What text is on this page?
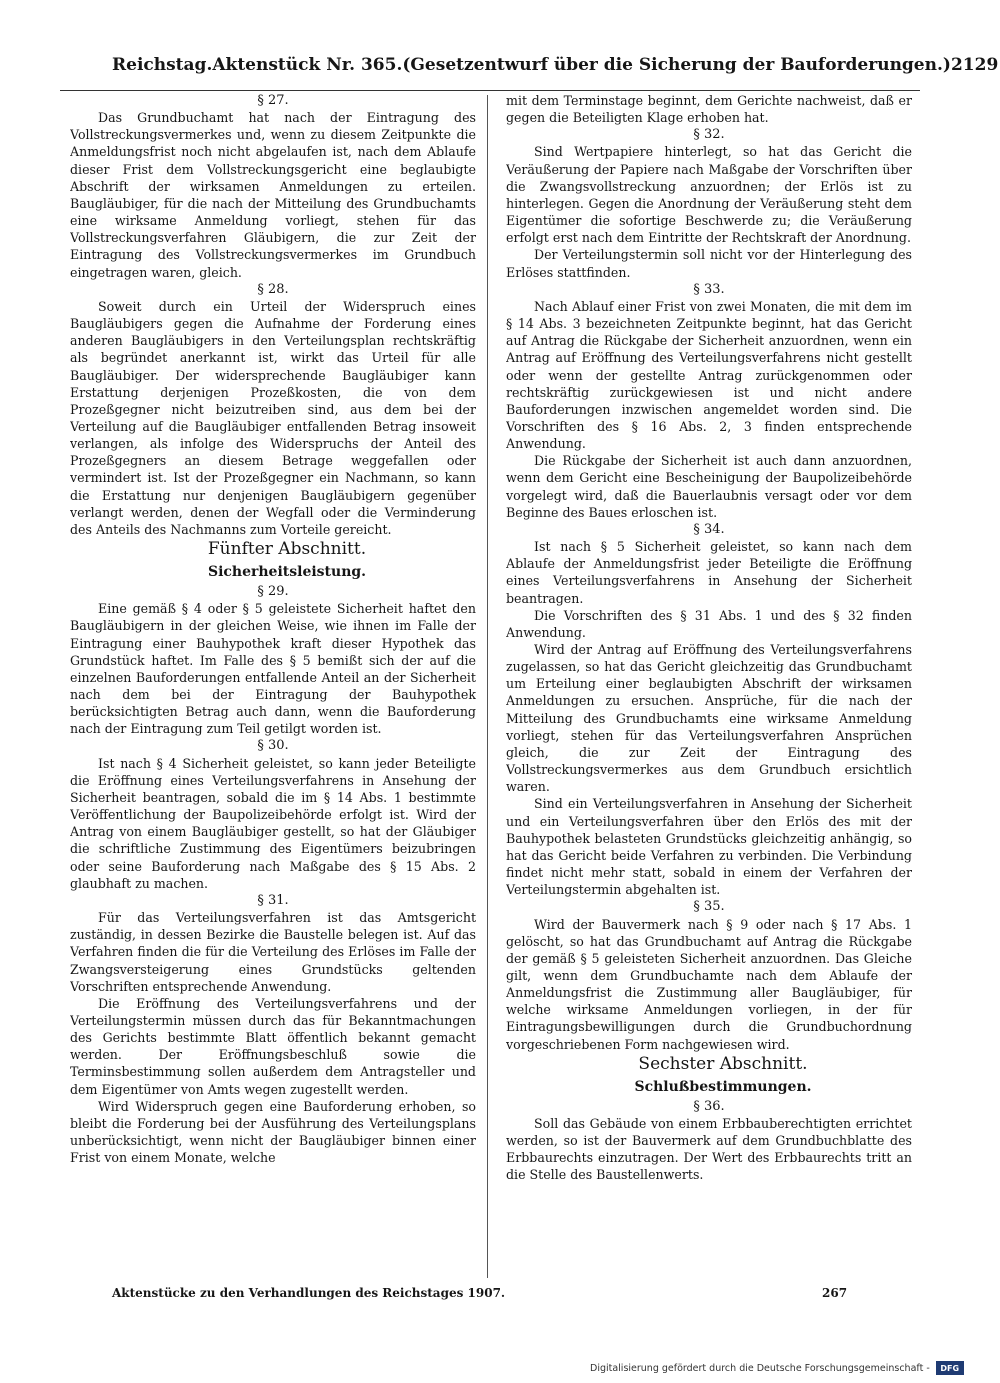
Reichstag. Aktenstück Nr. 365. (Gesetzentwurf über die Sicherung der Bauforderungen.) 2129

§ 27.

Das Grundbuchamt hat nach der Eintragung des Vollstreckungsvermerkes und, wenn zu diesem Zeitpunkte die Anmeldungsfrist noch nicht abgelaufen ist, nach dem Ablaufe dieser Frist dem Vollstreckungsgericht eine beglaubigte Abschrift der wirksamen Anmeldungen zu erteilen. Baugläubiger, für die nach der Mitteilung des Grundbuchamts eine wirksame Anmeldung vorliegt, stehen für das Vollstreckungsverfahren Gläubigern, die zur Zeit der Eintragung des Vollstreckungsvermerkes im Grundbuch eingetragen waren, gleich.

§ 28.

Soweit durch ein Urteil der Widerspruch eines Baugläubigers gegen die Aufnahme der Forderung eines anderen Baugläubigers in den Verteilungsplan rechtskräftig als begründet anerkannt ist, wirkt das Urteil für alle Baugläubiger. Der widersprechende Baugläubiger kann Erstattung derjenigen Prozeßkosten, die von dem Prozeßgegner nicht beizutreiben sind, aus dem bei der Verteilung auf die Baugläubiger entfallenden Betrag insoweit verlangen, als infolge des Widerspruchs der Anteil des Prozeßgegners an diesem Betrage weggefallen oder vermindert ist. Ist der Prozeßgegner ein Nachmann, so kann die Erstattung nur denjenigen Baugläubigern gegenüber verlangt werden, denen der Wegfall oder die Verminderung des Anteils des Nachmanns zum Vorteile gereicht.

Fünfter Abschnitt.

Sicherheitsleistung.

§ 29.

Eine gemäß § 4 oder § 5 geleistete Sicherheit haftet den Baugläubigern in der gleichen Weise, wie ihnen im Falle der Eintragung einer Bauhypothek kraft dieser Hypothek das Grundstück haftet. Im Falle des § 5 bemißt sich der auf die einzelnen Bauforderungen entfallende Anteil an der Sicherheit nach dem bei der Eintragung der Bauhypothek berücksichtigten Betrag auch dann, wenn die Bauforderung nach der Eintragung zum Teil getilgt worden ist.

§ 30.

Ist nach § 4 Sicherheit geleistet, so kann jeder Beteiligte die Eröffnung eines Verteilungsverfahrens in Ansehung der Sicherheit beantragen, sobald die im § 14 Abs. 1 bestimmte Veröffentlichung der Baupolizeibehörde erfolgt ist. Wird der Antrag von einem Baugläubiger gestellt, so hat der Gläubiger die schriftliche Zustimmung des Eigentümers beizubringen oder seine Bauforderung nach Maßgabe des § 15 Abs. 2 glaubhaft zu machen.

§ 31.

Für das Verteilungsverfahren ist das Amtsgericht zuständig, in dessen Bezirke die Baustelle belegen ist. Auf das Verfahren finden die für die Verteilung des Erlöses im Falle der Zwangsversteigerung eines Grundstücks geltenden Vorschriften entsprechende Anwendung.

Die Eröffnung des Verteilungsverfahrens und der Verteilungstermin müssen durch das für Bekanntmachungen des Gerichts bestimmte Blatt öffentlich bekannt gemacht werden. Der Eröffnungsbeschluß sowie die Terminsbestimmung sollen außerdem dem Antragsteller und dem Eigentümer von Amts wegen zugestellt werden.

Wird Widerspruch gegen eine Bauforderung erhoben, so bleibt die Forderung bei der Ausführung des Verteilungsplans unberücksichtigt, wenn nicht der Baugläubiger binnen einer Frist von einem Monate, welche

mit dem Terminstage beginnt, dem Gerichte nachweist, daß er gegen die Beteiligten Klage erhoben hat.

§ 32.

Sind Wertpapiere hinterlegt, so hat das Gericht die Veräußerung der Papiere nach Maßgabe der Vorschriften über die Zwangsvollstreckung anzuordnen; der Erlös ist zu hinterlegen. Gegen die Anordnung der Veräußerung steht dem Eigentümer die sofortige Beschwerde zu; die Veräußerung erfolgt erst nach dem Eintritte der Rechtskraft der Anordnung.

Der Verteilungstermin soll nicht vor der Hinterlegung des Erlöses stattfinden.

§ 33.

Nach Ablauf einer Frist von zwei Monaten, die mit dem im § 14 Abs. 3 bezeichneten Zeitpunkte beginnt, hat das Gericht auf Antrag die Rückgabe der Sicherheit anzuordnen, wenn ein Antrag auf Eröffnung des Verteilungsverfahrens nicht gestellt oder wenn der gestellte Antrag zurückgenommen oder rechtskräftig zurückgewiesen ist und nicht andere Bauforderungen inzwischen angemeldet worden sind. Die Vorschriften des § 16 Abs. 2, 3 finden entsprechende Anwendung.

Die Rückgabe der Sicherheit ist auch dann anzuordnen, wenn dem Gericht eine Bescheinigung der Baupolizeibehörde vorgelegt wird, daß die Bauerlaubnis versagt oder vor dem Beginne des Baues erloschen ist.

§ 34.

Ist nach § 5 Sicherheit geleistet, so kann nach dem Ablaufe der Anmeldungsfrist jeder Beteiligte die Eröffnung eines Verteilungsverfahrens in Ansehung der Sicherheit beantragen.

Die Vorschriften des § 31 Abs. 1 und des § 32 finden Anwendung.

Wird der Antrag auf Eröffnung des Verteilungsverfahrens zugelassen, so hat das Gericht gleichzeitig das Grundbuchamt um Erteilung einer beglaubigten Abschrift der wirksamen Anmeldungen zu ersuchen. Ansprüche, für die nach der Mitteilung des Grundbuchamts eine wirksame Anmeldung vorliegt, stehen für das Verteilungsverfahren Ansprüchen gleich, die zur Zeit der Eintragung des Vollstreckungsvermerkes aus dem Grundbuch ersichtlich waren.

Sind ein Verteilungsverfahren in Ansehung der Sicherheit und ein Verteilungsverfahren über den Erlös des mit der Bauhypothek belasteten Grundstücks gleichzeitig anhängig, so hat das Gericht beide Verfahren zu verbinden. Die Verbindung findet nicht mehr statt, sobald in einem der Verfahren der Verteilungstermin abgehalten ist.

§ 35.

Wird der Bauvermerk nach § 9 oder nach § 17 Abs. 1 gelöscht, so hat das Grundbuchamt auf Antrag die Rückgabe der gemäß § 5 geleisteten Sicherheit anzuordnen. Das Gleiche gilt, wenn dem Grundbuchamte nach dem Ablaufe der Anmeldungsfrist die Zustimmung aller Baugläubiger, für welche wirksame Anmeldungen vorliegen, in der für Eintragungsbewilligungen durch die Grundbuchordnung vorgeschriebenen Form nachgewiesen wird.

Sechster Abschnitt.

Schlußbestimmungen.

§ 36.

Soll das Gebäude von einem Erbbauberechtigten errichtet werden, so ist der Bauvermerk auf dem Grundbuchblatte des Erbbaurechts einzutragen. Der Wert des Erbbaurechts tritt an die Stelle des Baustellenwerts.

Aktenstücke zu den Verhandlungen des Reichstages 1907.	267
Digitalisierung gefördert durch die Deutsche Forschungsgemeinschaft -	DFG
